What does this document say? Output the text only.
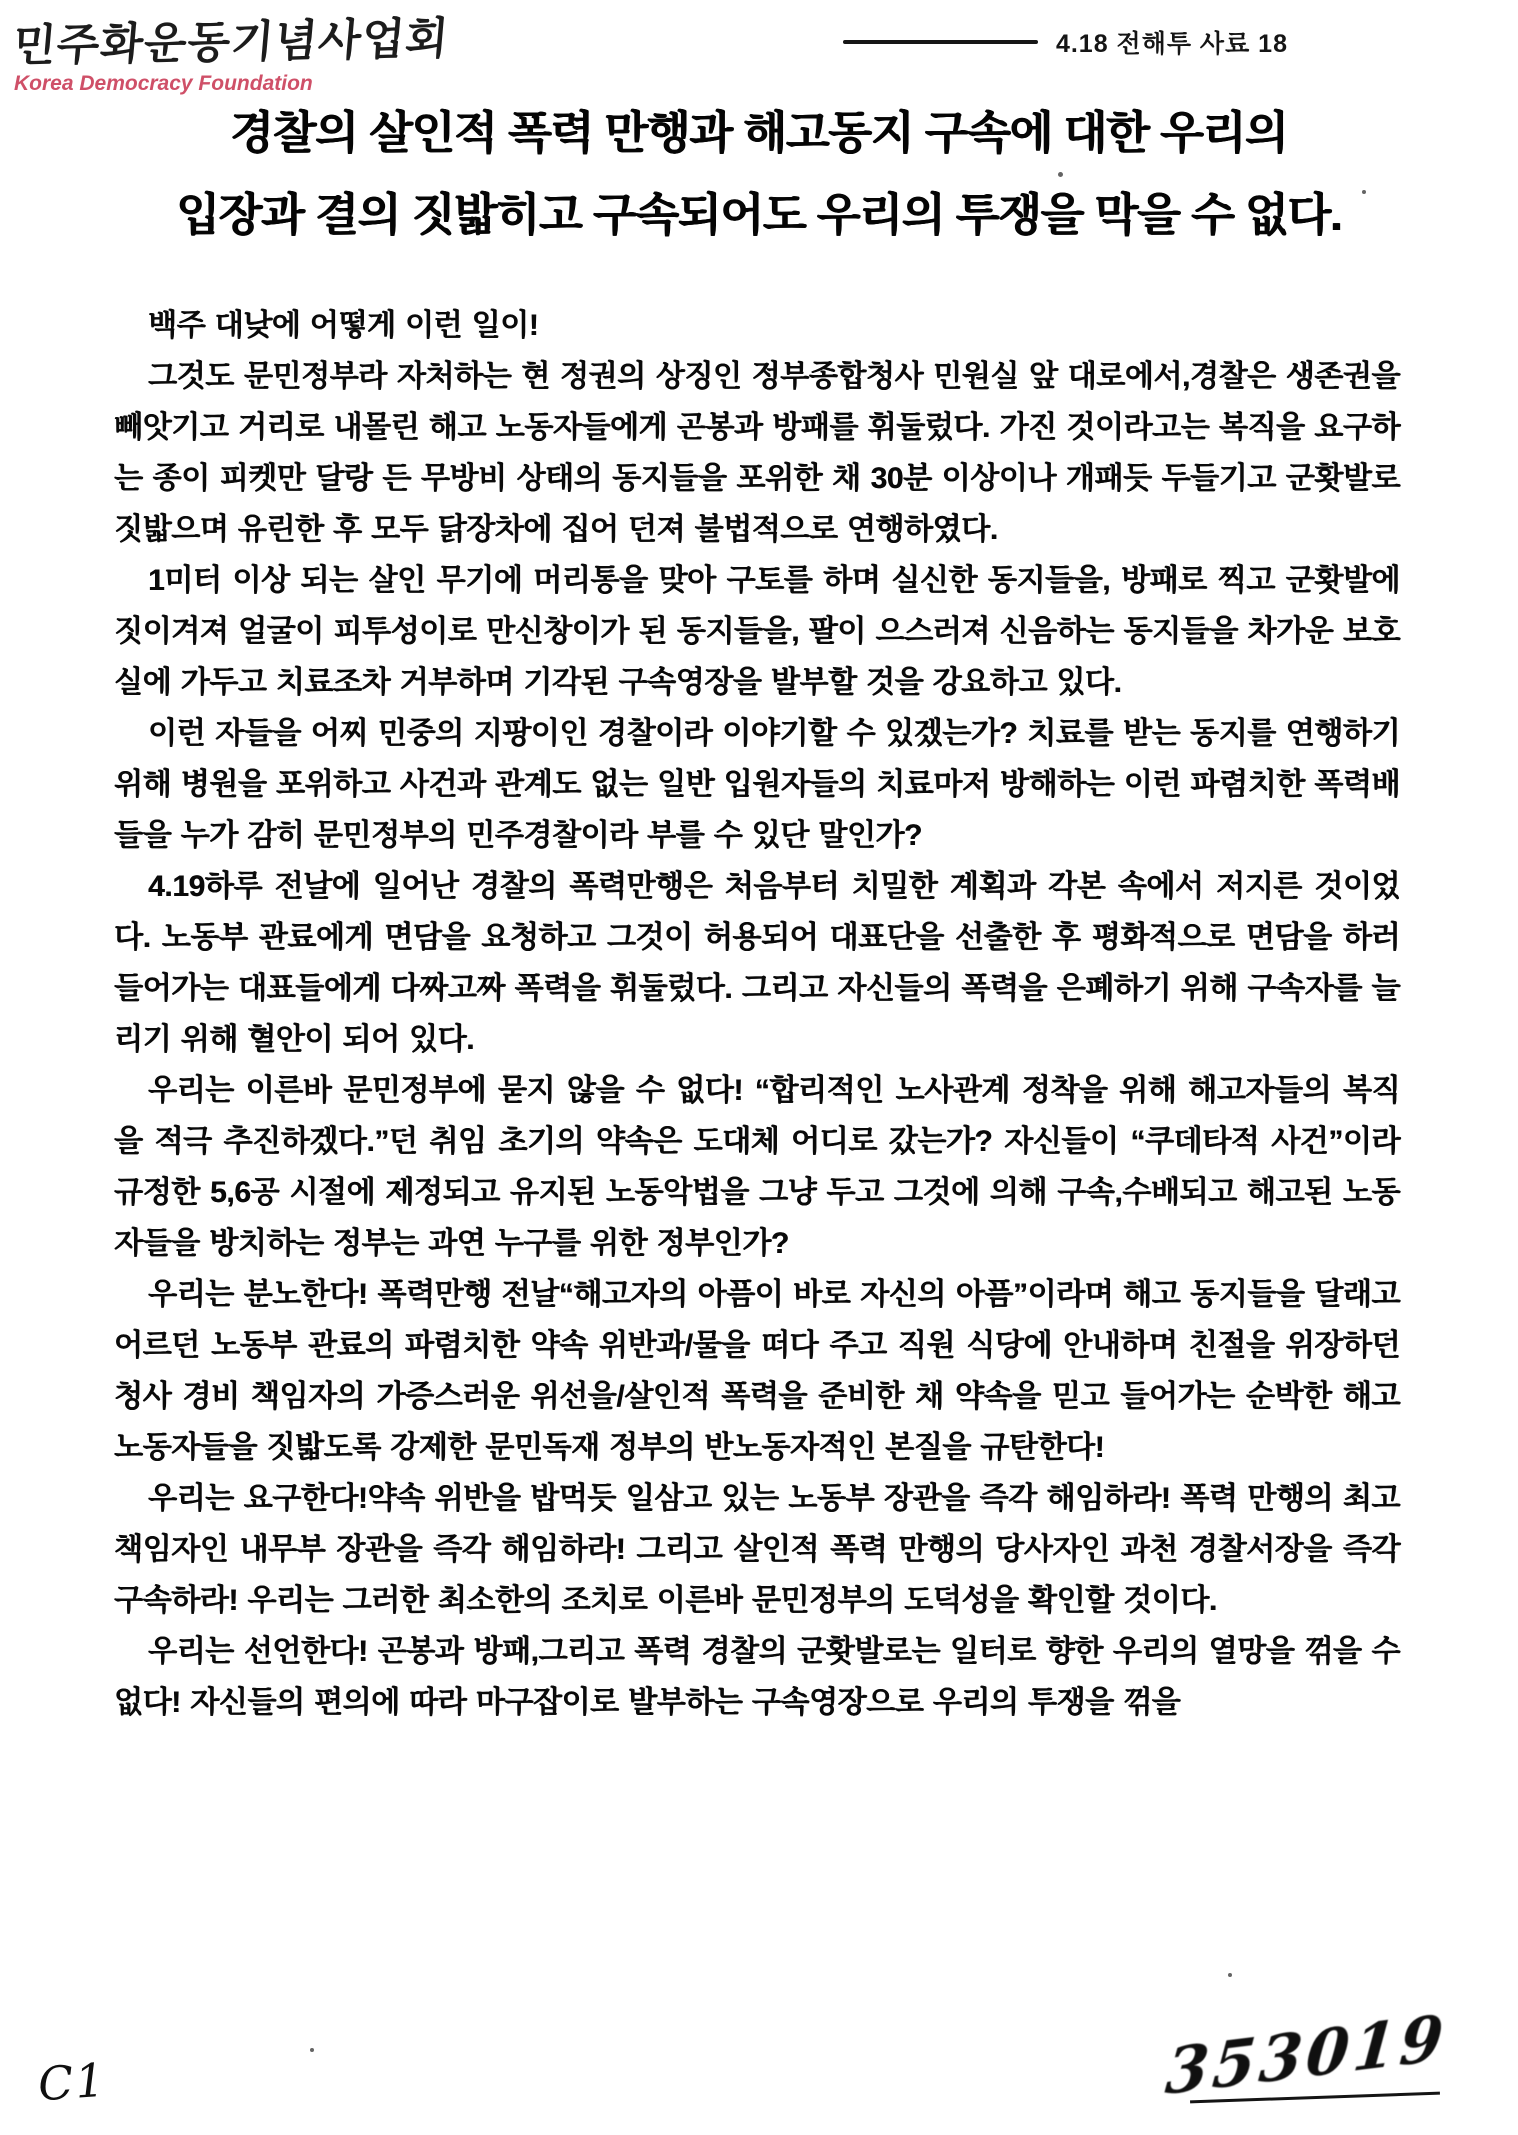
민주화운동기념사업회
Korea Democracy Foundation
4.18 전해투 사료 18
경찰의 살인적 폭력 만행과 해고동지 구속에 대한 우리의
입장과 결의 짓밟히고 구속되어도 우리의 투쟁을 막을 수 없다.

백주 대낮에 어떻게 이런 일이!

그것도 문민정부라 자처하는 현 정권의 상징인 정부종합청사 민원실 앞 대로에서,경찰은 생존권을 빼앗기고 거리로 내몰린 해고 노동자들에게 곤봉과 방패를 휘둘렀다. 가진 것이라고는 복직을 요구하는 종이 피켓만 달랑 든 무방비 상태의 동지들을 포위한 채 30분 이상이나 개패듯 두들기고 군홧발로 짓밟으며 유린한 후 모두 닭장차에 집어 던져 불법적으로 연행하였다.

1미터 이상 되는 살인 무기에 머리통을 맞아 구토를 하며 실신한 동지들을, 방패로 찍고 군홧발에 짓이겨져 얼굴이 피투성이로 만신창이가 된 동지들을, 팔이 으스러져 신음하는 동지들을 차가운 보호실에 가두고 치료조차 거부하며 기각된 구속영장을 발부할 것을 강요하고 있다.

이런 자들을 어찌 민중의 지팡이인 경찰이라 이야기할 수 있겠는가? 치료를 받는 동지를 연행하기 위해 병원을 포위하고 사건과 관계도 없는 일반 입원자들의 치료마저 방해하는 이런 파렴치한 폭력배들을 누가 감히 문민정부의 민주경찰이라 부를 수 있단 말인가?

4.19하루 전날에 일어난 경찰의 폭력만행은 처음부터 치밀한 계획과 각본 속에서 저지른 것이었다. 노동부 관료에게 면담을 요청하고 그것이 허용되어 대표단을 선출한 후 평화적으로 면담을 하러 들어가는 대표들에게 다짜고짜 폭력을 휘둘렀다. 그리고 자신들의 폭력을 은폐하기 위해 구속자를 늘리기 위해 혈안이 되어 있다.

우리는 이른바 문민정부에 묻지 않을 수 없다! “합리적인 노사관계 정착을 위해 해고자들의 복직을 적극 추진하겠다.”던 취임 초기의 약속은 도대체 어디로 갔는가? 자신들이 “쿠데타적 사건”이라 규정한 5,6공 시절에 제정되고 유지된 노동악법을 그냥 두고 그것에 의해 구속,수배되고 해고된 노동자들을 방치하는 정부는 과연 누구를 위한 정부인가?

우리는 분노한다! 폭력만행 전날“해고자의 아픔이 바로 자신의 아픔”이라며 해고 동지들을 달래고 어르던 노동부 관료의 파렴치한 약속 위반과/물을 떠다 주고 직원 식당에 안내하며 친절을 위장하던 청사 경비 책임자의 가증스러운 위선을/살인적 폭력을 준비한 채 약속을 믿고 들어가는 순박한 해고 노동자들을 짓밟도록 강제한 문민독재 정부의 반노동자적인 본질을 규탄한다!

우리는 요구한다!약속 위반을 밥먹듯 일삼고 있는 노동부 장관을 즉각 해임하라! 폭력 만행의 최고 책임자인 내무부 장관을 즉각 해임하라! 그리고 살인적 폭력 만행의 당사자인 과천 경찰서장을 즉각 구속하라! 우리는 그러한 최소한의 조치로 이른바 문민정부의 도덕성을 확인할 것이다.

우리는 선언한다! 곤봉과 방패,그리고 폭력 경찰의 군홧발로는 일터로 향한 우리의 열망을 꺾을 수 없다! 자신들의 편의에 따라 마구잡이로 발부하는 구속영장으로 우리의 투쟁을 꺾을

C1	353019
